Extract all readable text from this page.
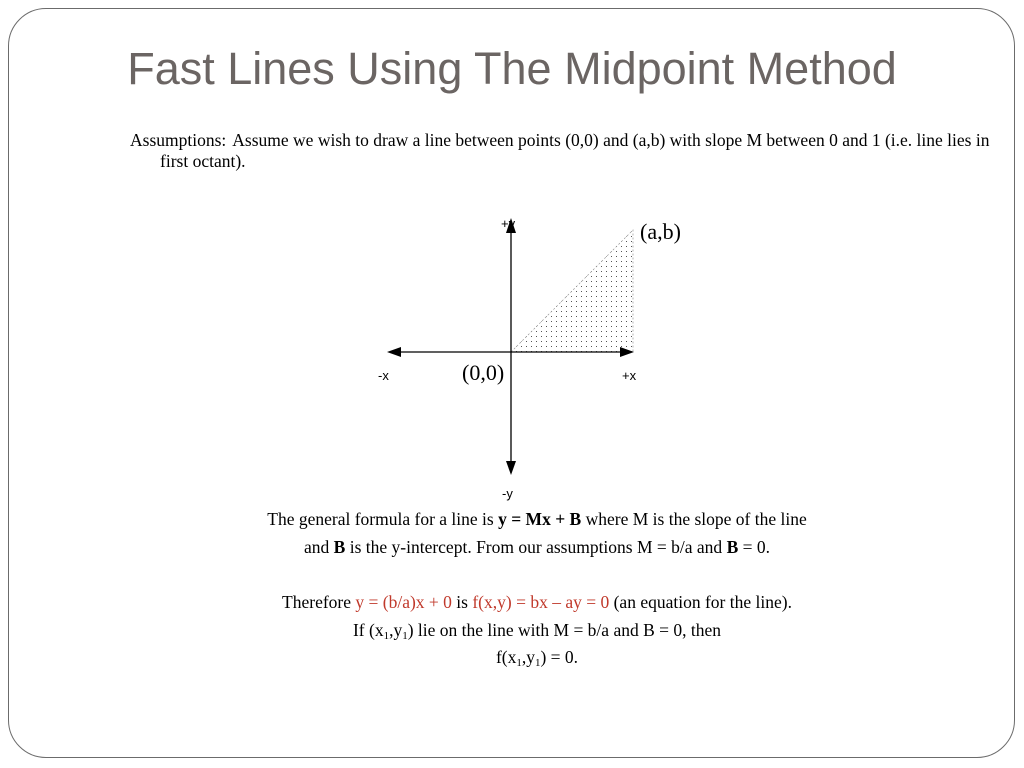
Fast Lines Using The Midpoint Method
Assumptions: Assume we wish to draw a line between points (0,0) and (a,b) with slope M between 0 and 1 (i.e. line lies in first octant).
+y
-y
-x	+x
(0,0)
(a,b)
The general formula for a line is y = Mx + B where M is the slope of the line
and B is the y-intercept. From our assumptions M = b/a and B = 0.
Therefore y = (b/a)x + 0 is f(x,y) = bx – ay = 0 (an equation for the line).
If $(x_1,y_1)$ lie on the line with M = b/a and B = 0, then
$f(x_1,y_1) = 0$.
